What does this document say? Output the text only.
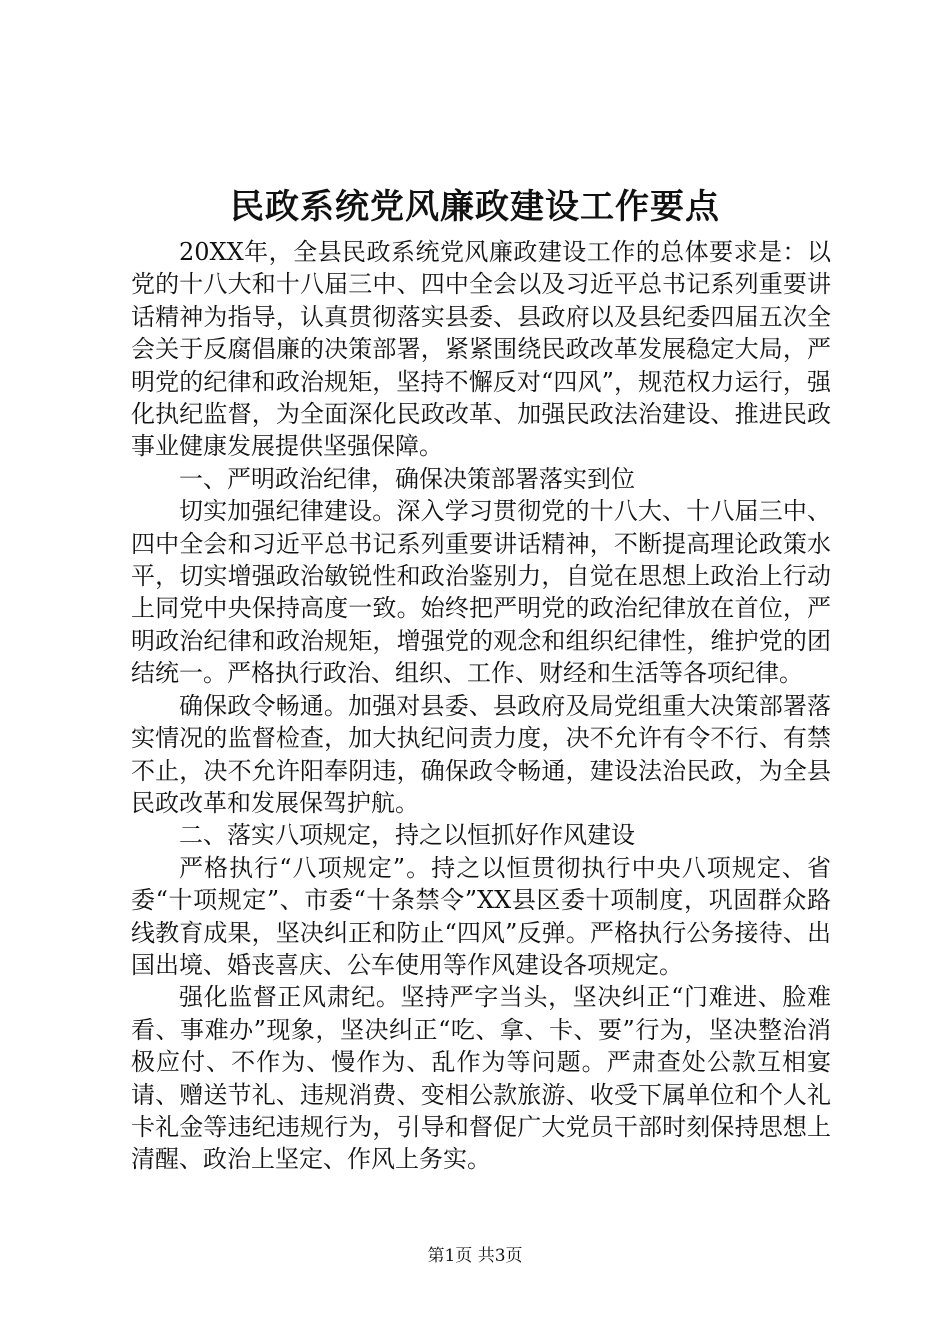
民政系统党风廉政建设工作要点

20XX年，全县民政系统党风廉政建设工作的总体要求是：以党的十八大和十八届三中、四中全会以及习近平总书记系列重要讲话精神为指导，认真贯彻落实县委、县政府以及县纪委四届五次全会关于反腐倡廉的决策部署，紧紧围绕民政改革发展稳定大局，严明党的纪律和政治规矩，坚持不懈反对“四风”，规范权力运行，强化执纪监督，为全面深化民政改革、加强民政法治建设、推进民政事业健康发展提供坚强保障。

一、严明政治纪律，确保决策部署落实到位

切实加强纪律建设。深入学习贯彻党的十八大、十八届三中、四中全会和习近平总书记系列重要讲话精神，不断提高理论政策水平，切实增强政治敏锐性和政治鉴别力，自觉在思想上政治上行动上同党中央保持高度一致。始终把严明党的政治纪律放在首位，严明政治纪律和政治规矩，增强党的观念和组织纪律性，维护党的团结统一。严格执行政治、组织、工作、财经和生活等各项纪律。

确保政令畅通。加强对县委、县政府及局党组重大决策部署落实情况的监督检查，加大执纪问责力度，决不允许有令不行、有禁不止，决不允许阳奉阴违，确保政令畅通，建设法治民政，为全县民政改革和发展保驾护航。

二、落实八项规定，持之以恒抓好作风建设

严格执行“八项规定”。持之以恒贯彻执行中央八项规定、省委“十项规定”、市委“十条禁令”XX县区委十项制度，巩固群众路线教育成果，坚决纠正和防止“四风”反弹。严格执行公务接待、出国出境、婚丧喜庆、公车使用等作风建设各项规定。

强化监督正风肃纪。坚持严字当头，坚决纠正“门难进、脸难看、事难办”现象，坚决纠正“吃、拿、卡、要”行为，坚决整治消极应付、不作为、慢作为、乱作为等问题。严肃查处公款互相宴请、赠送节礼、违规消费、变相公款旅游、收受下属单位和个人礼卡礼金等违纪违规行为，引导和督促广大党员干部时刻保持思想上清醒、政治上坚定、作风上务实。

第1页 共3页
